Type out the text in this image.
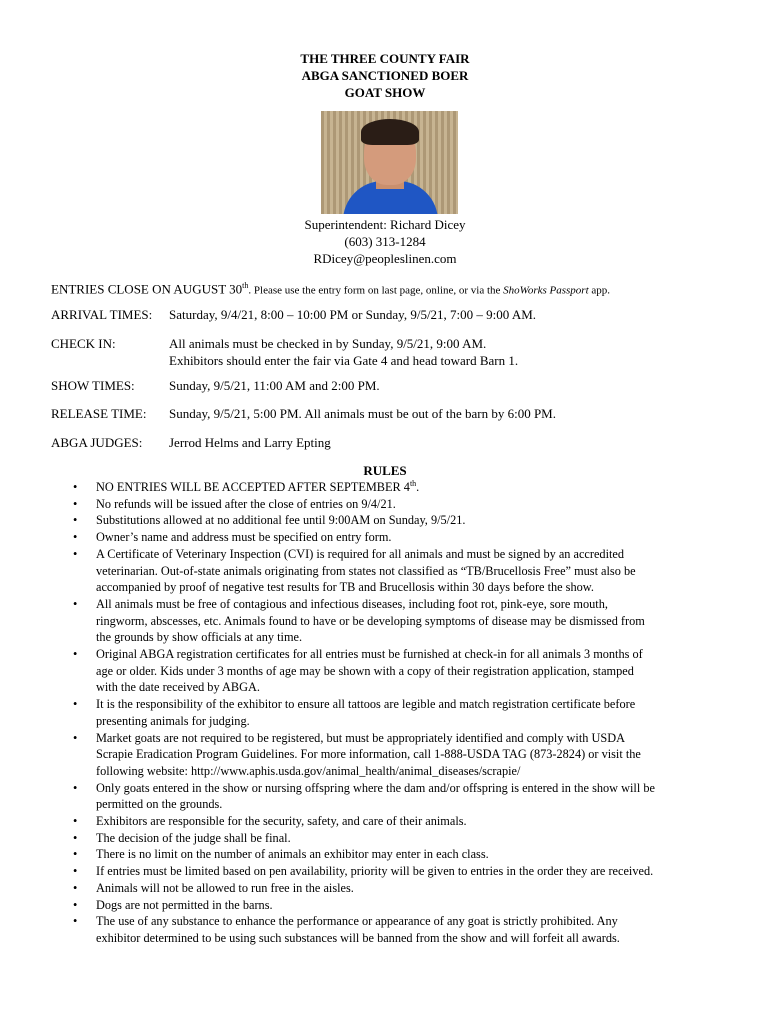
THE THREE COUNTY FAIR
ABGA SANCTIONED BOER
GOAT SHOW
Superintendent: Richard Dicey
(603) 313-1284
RDicey@peopleslinen.com
ENTRIES CLOSE ON AUGUST 30th. Please use the entry form on last page, online, or via the ShoWorks Passport app.
ARRIVAL TIMES: Saturday, 9/4/21, 8:00 – 10:00 PM or Sunday, 9/5/21, 7:00 – 9:00 AM.
CHECK IN:	All animals must be checked in by Sunday, 9/5/21, 9:00 AM.
Exhibitors should enter the fair via Gate 4 and head toward Barn 1.
SHOW TIMES:	Sunday, 9/5/21, 11:00 AM and 2:00 PM.
RELEASE TIME: Sunday, 9/5/21, 5:00 PM. All animals must be out of the barn by 6:00 PM.
ABGA JUDGES: Jerrod Helms and Larry Epting
RULES
• NO ENTRIES WILL BE ACCEPTED AFTER SEPTEMBER 4th.
• No refunds will be issued after the close of entries on 9/4/21.
• Substitutions allowed at no additional fee until 9:00AM on Sunday, 9/5/21.
• Owner’s name and address must be specified on entry form.
• A Certificate of Veterinary Inspection (CVI) is required for all animals and must be signed by an accredited
veterinarian. Out-of-state animals originating from states not classified as “TB/Brucellosis Free” must also be
accompanied by proof of negative test results for TB and Brucellosis within 30 days before the show.
• All animals must be free of contagious and infectious diseases, including foot rot, pink-eye, sore mouth,
ringworm, abscesses, etc. Animals found to have or be developing symptoms of disease may be dismissed from
the grounds by show officials at any time.
• Original ABGA registration certificates for all entries must be furnished at check-in for all animals 3 months of
age or older. Kids under 3 months of age may be shown with a copy of their registration application, stamped
with the date received by ABGA.
• It is the responsibility of the exhibitor to ensure all tattoos are legible and match registration certificate before
presenting animals for judging.
• Market goats are not required to be registered, but must be appropriately identified and comply with USDA
Scrapie Eradication Program Guidelines. For more information, call 1-888-USDA TAG (873-2824) or visit the
following website: http://www.aphis.usda.gov/animal_health/animal_diseases/scrapie/
• Only goats entered in the show or nursing offspring where the dam and/or offspring is entered in the show will be
permitted on the grounds.
• Exhibitors are responsible for the security, safety, and care of their animals.
• The decision of the judge shall be final.
• There is no limit on the number of animals an exhibitor may enter in each class.
• If entries must be limited based on pen availability, priority will be given to entries in the order they are received.
• Animals will not be allowed to run free in the aisles.
• Dogs are not permitted in the barns.
• The use of any substance to enhance the performance or appearance of any goat is strictly prohibited. Any
exhibitor determined to be using such substances will be banned from the show and will forfeit all awards.
